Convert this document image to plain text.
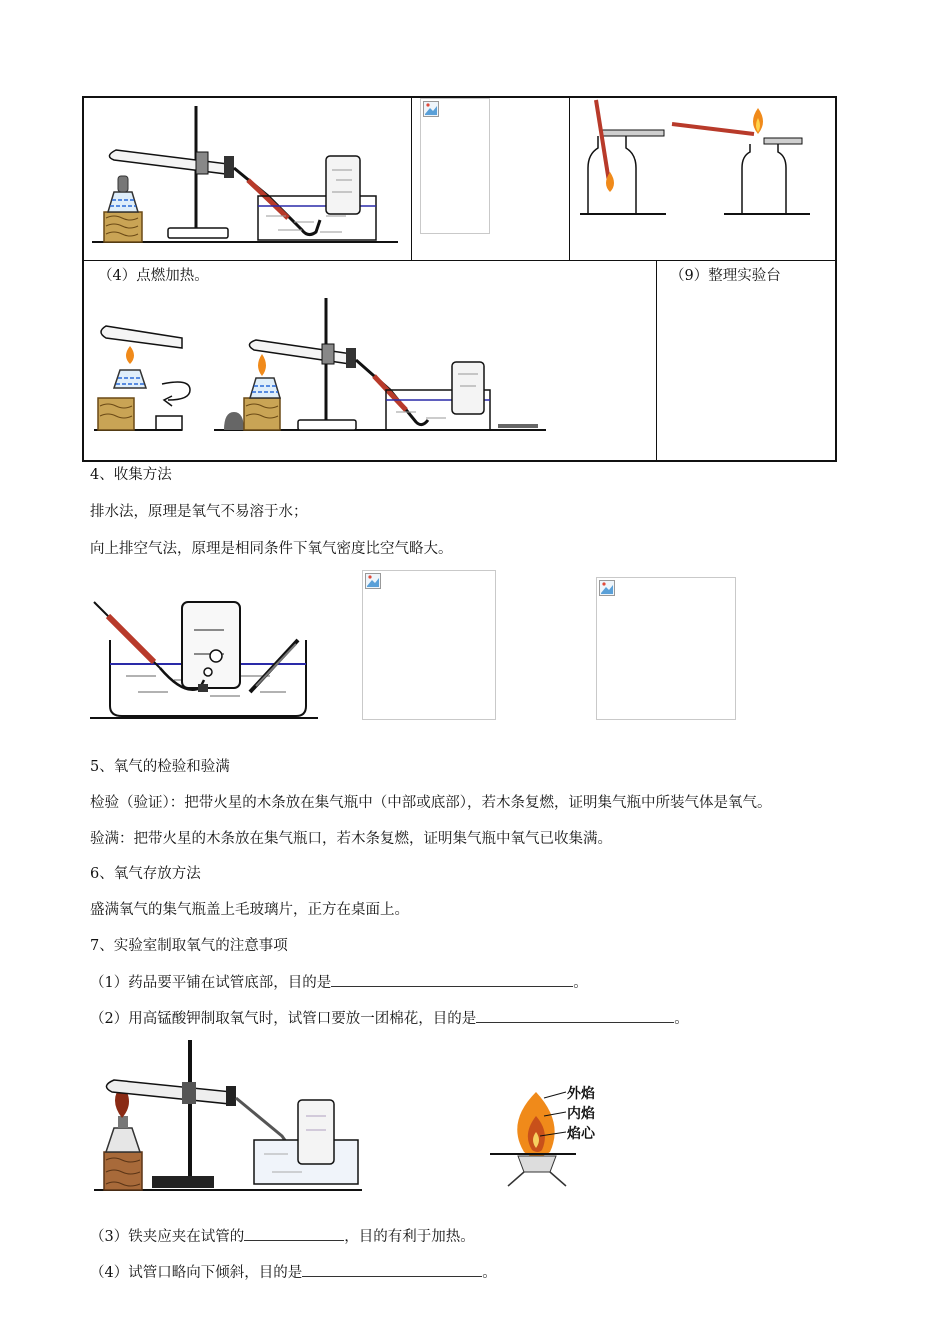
（4）点燃加热。	（9）整理实验台
4、收集方法
排水法，原理是氧气不易溶于水；
向上排空气法，原理是相同条件下氧气密度比空气略大。
5、氧气的检验和验满
检验（验证）：把带火星的木条放在集气瓶中（中部或底部），若木条复燃，证明集气瓶中所装气体是氧气。
验满：把带火星的木条放在集气瓶口，若木条复燃，证明集气瓶中氧气已收集满。
6、氧气存放方法
盛满氧气的集气瓶盖上毛玻璃片，正方在桌面上。
7、实验室制取氧气的注意事项
（1）药品要平铺在试管底部，目的是	。
（2）用高锰酸钾制取氧气时，试管口要放一团棉花，目的是	。
外焰
内焰
焰心
（3）铁夹应夹在试管的	，目的有利于加热。
（4）试管口略向下倾斜，目的是	。
